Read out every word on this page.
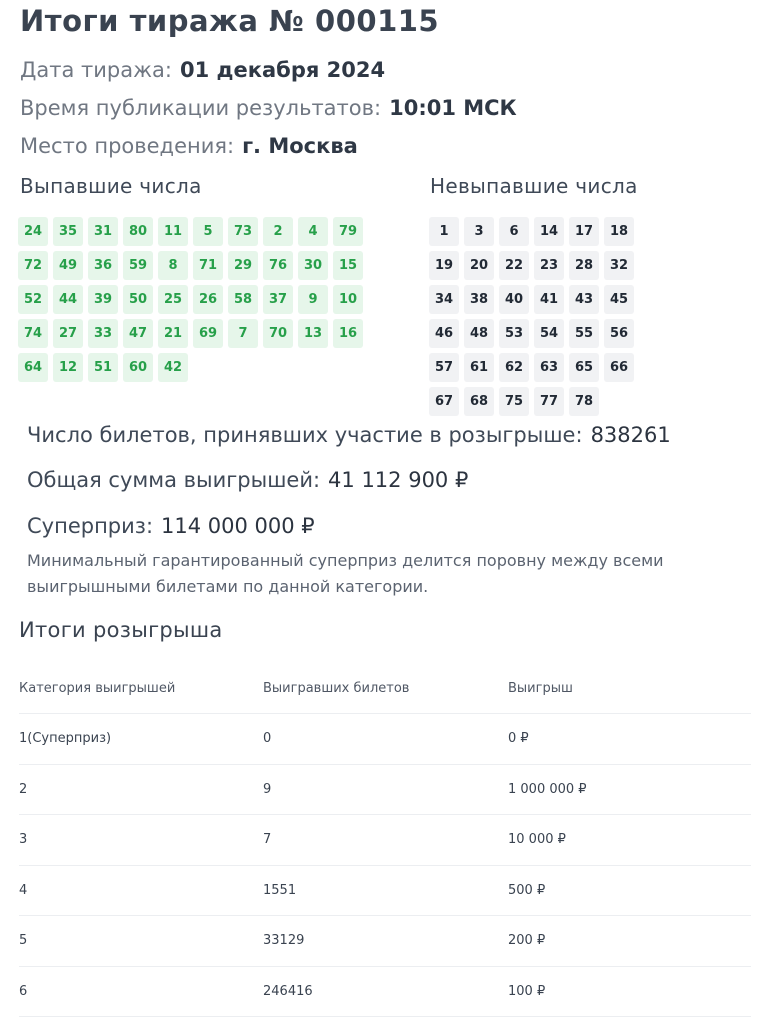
Итоги тиража № 000115
Дата тиража: 01 декабря 2024
Время публикации результатов: 10:01 МСК
Место проведения: г. Москва
Выпавшие числа	Невыпавшие числа
24	35	31	80	11	5	73	2	4	79
72	49	36	59	8	71	29	76	30	15
52	44	39	50	25	26	58	37	9	10
74	27	33	47	21	69	7	70	13	16
64	12	51	60	42
1	3	6	14	17	18
19	20	22	23	28	32
34	38	40	41	43	45
46	48	53	54	55	56
57	61	62	63	65	66
67	68	75	77	78
Число билетов, принявших участие в розыгрыше: 838261
Общая сумма выигрышей: 41 112 900 ₽
Суперприз: 114 000 000 ₽
Минимальный гарантированный суперприз делится поровну между всеми выигрышными билетами по данной категории.
Итоги розыгрыша
Категория выигрышей	Выигравших билетов	Выигрыш
1(Суперприз)	0	0 ₽
2	9	1 000 000 ₽
3	7	10 000 ₽
4	1551	500 ₽
5	33129	200 ₽
6	246416	100 ₽
